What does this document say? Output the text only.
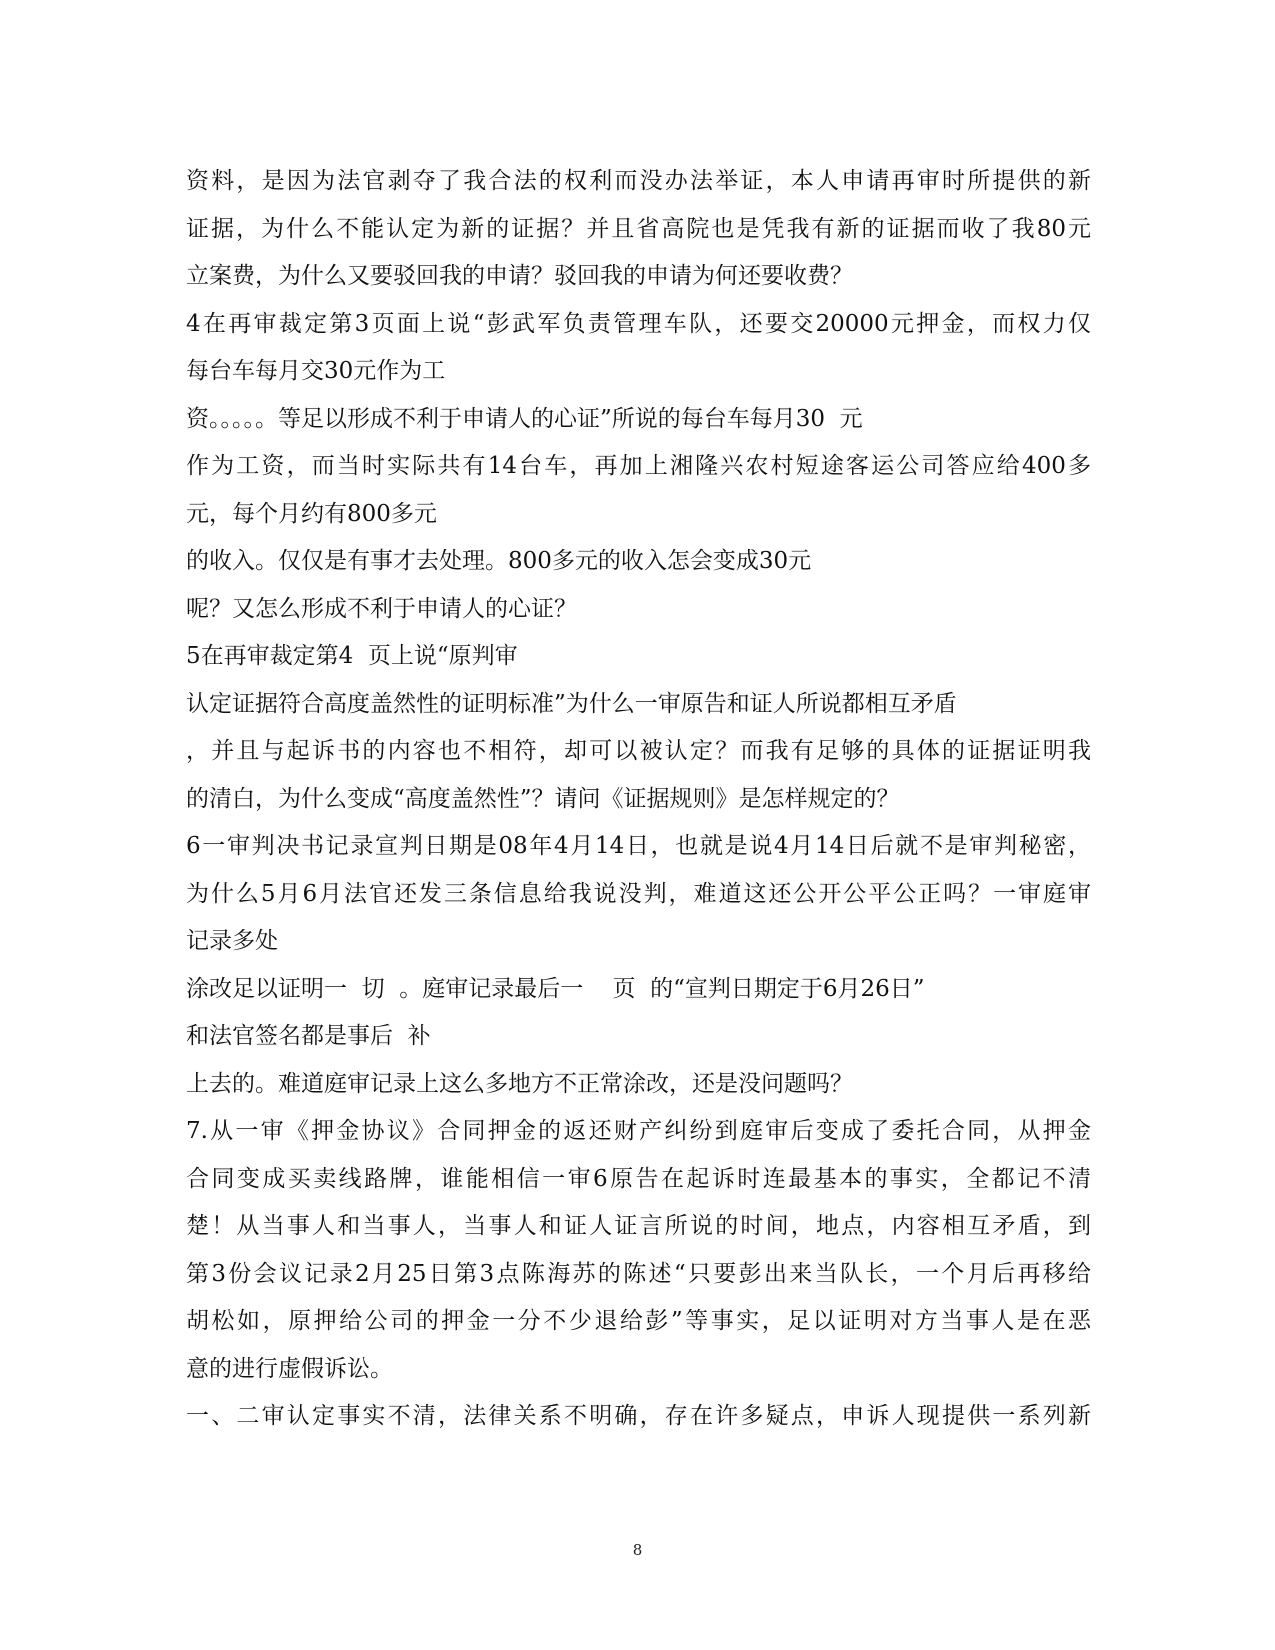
资料，是因为法官剥夺了我合法的权利而没办法举证，本人申请再审时所提供的新

证据，为什么不能认定为新的证据？并且省高院也是凭我有新的证据而收了我80元

立案费，为什么又要驳回我的申请？驳回我的申请为何还要收费？

4在再审裁定第3页面上说“彭武军负责管理车队，还要交20000元押金，而权力仅

每台车每月交30元作为工

资。。。。。等足以形成不利于申请人的心证”所说的每台车每月30  元

作为工资，而当时实际共有14台车，再加上湘隆兴农村短途客运公司答应给400多

元，每个月约有800多元

的收入。仅仅是有事才去处理。800多元的收入怎会变成30元

呢？又怎么形成不利于申请人的心证？

5在再审裁定第4  页上说“原判审

认定证据符合高度盖然性的证明标准”为什么一审原告和证人所说都相互矛盾

，并且与起诉书的内容也不相符，却可以被认定？而我有足够的具体的证据证明我

的清白，为什么变成“高度盖然性”？请问《证据规则》是怎样规定的？

6一审判决书记录宣判日期是08年4月14日，也就是说4月14日后就不是审判秘密，

为什么5月6月法官还发三条信息给我说没判，难道这还公开公平公正吗？一审庭审

记录多处

涂改足以证明一  切  。庭审记录最后一    页  的“宣判日期定于6月26日”

和法官签名都是事后  补

上去的。难道庭审记录上这么多地方不正常涂改，还是没问题吗？

7.从一审《押金协议》合同押金的返还财产纠纷到庭审后变成了委托合同，从押金

合同变成买卖线路牌，谁能相信一审6原告在起诉时连最基本的事实，全都记不清

楚！从当事人和当事人，当事人和证人证言所说的时间，地点，内容相互矛盾，到

第3份会议记录2月25日第3点陈海苏的陈述“只要彭出来当队长，一个月后再移给

胡松如，原押给公司的押金一分不少退给彭”等事实，足以证明对方当事人是在恶

意的进行虚假诉讼。

一、二审认定事实不清，法律关系不明确，存在许多疑点，申诉人现提供一系列新

8
